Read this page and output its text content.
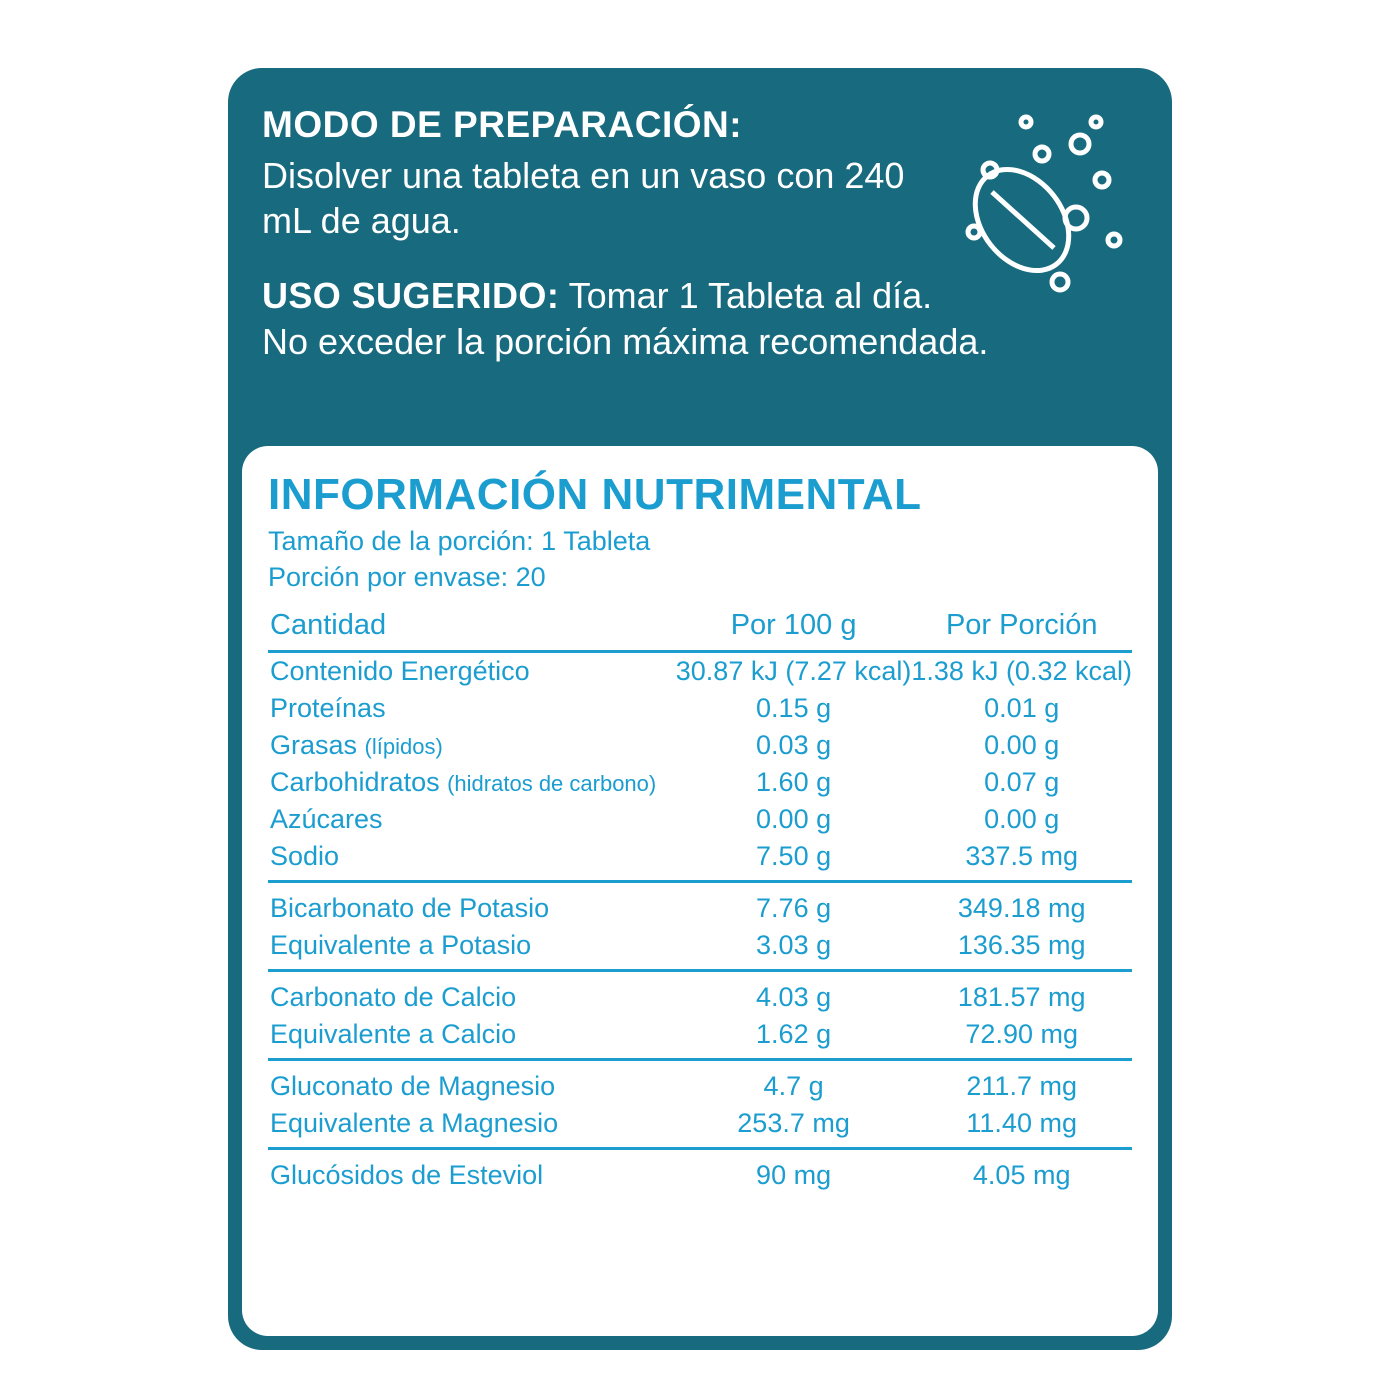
MODO DE PREPARACIÓN:
Disolver una tableta en un vaso con 240 mL de agua.
USO SUGERIDO: Tomar 1 Tableta al día.
No exceder la porción máxima recomendada.
INFORMACIÓN NUTRIMENTAL
Tamaño de la porción: 1 Tableta
Porción por envase: 20
Cantidad	Por 100 g	Por Porción
Contenido Energético	30.87 kJ (7.27 kcal)	1.38 kJ (0.32 kcal)
Proteínas	0.15 g	0.01 g
Grasas (lípidos)	0.03 g	0.00 g
Carbohidratos (hidratos de carbono)	1.60 g	0.07 g
Azúcares	0.00 g	0.00 g
Sodio	7.50 g	337.5 mg
Bicarbonato de Potasio	7.76 g	349.18 mg
Equivalente a Potasio	3.03 g	136.35 mg
Carbonato de Calcio	4.03 g	181.57 mg
Equivalente a Calcio	1.62 g	72.90 mg
Gluconato de Magnesio	4.7 g	211.7 mg
Equivalente a Magnesio	253.7 mg	11.40 mg
Glucósidos de Esteviol	90 mg	4.05 mg
